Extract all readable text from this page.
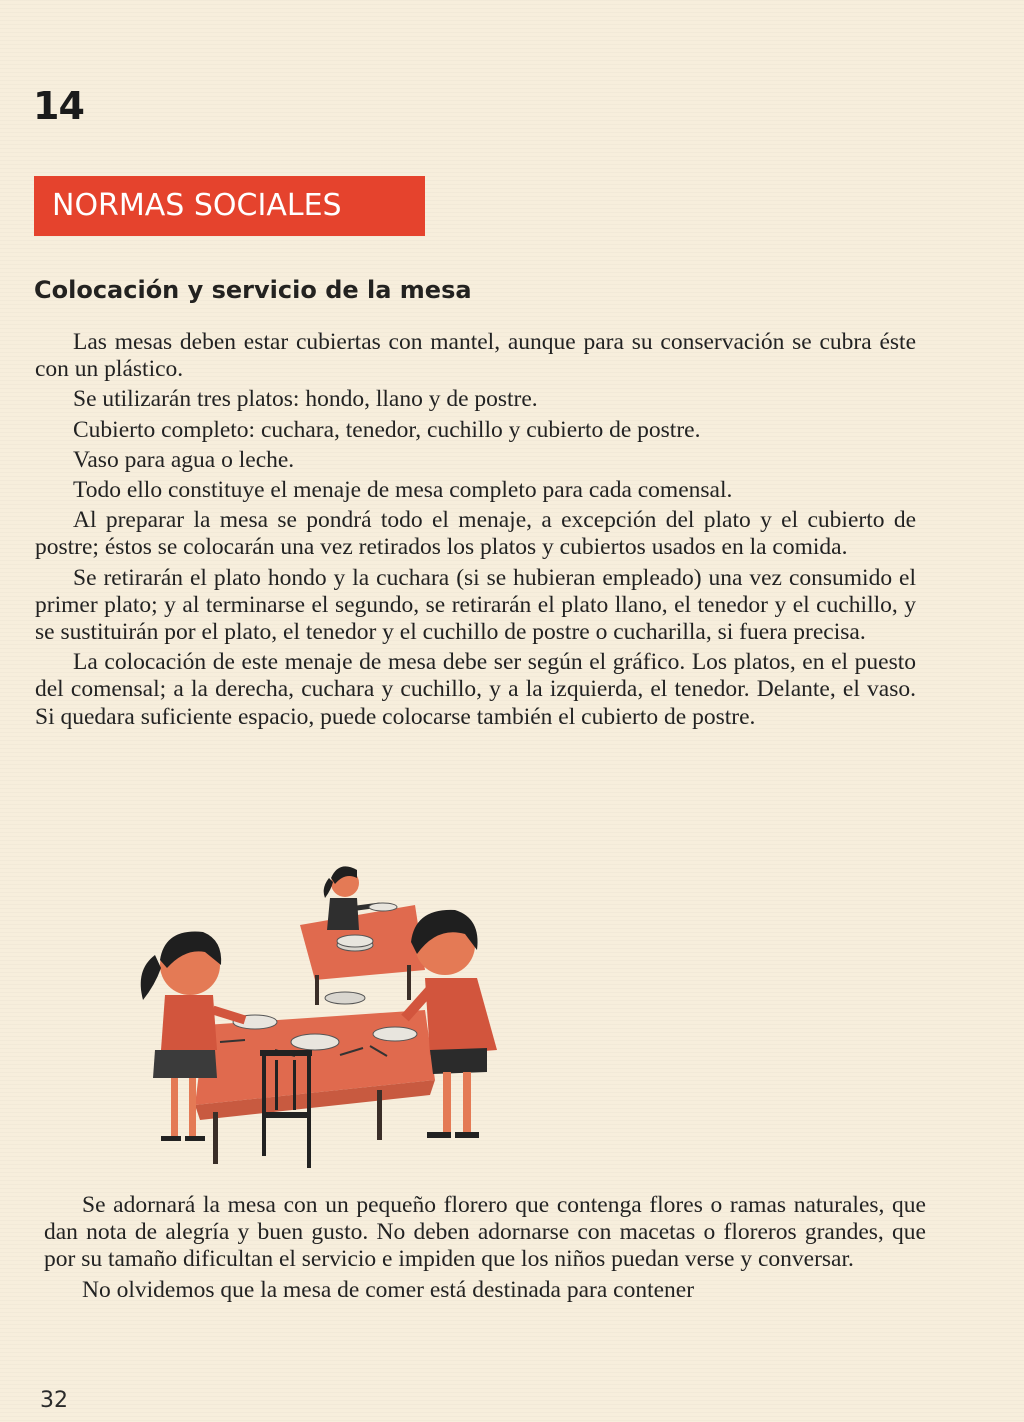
14
NORMAS SOCIALES
Colocación y servicio de la mesa

Las mesas deben estar cubiertas con mantel, aunque para su conservación se cubra éste con un plástico.

Se utilizarán tres platos: hondo, llano y de postre.

Cubierto completo: cuchara, tenedor, cuchillo y cubierto de postre.

Vaso para agua o leche.

Todo ello constituye el menaje de mesa completo para cada comensal.

Al preparar la mesa se pondrá todo el menaje, a excepción del plato y el cubierto de postre; éstos se colocarán una vez retirados los platos y cubiertos usados en la comida.

Se retirarán el plato hondo y la cuchara (si se hubieran empleado) una vez consumido el primer plato; y al terminarse el segundo, se retirarán el plato llano, el tenedor y el cuchillo, y se sustituirán por el plato, el tenedor y el cuchillo de postre o cucharilla, si fuera precisa.

La colocación de este menaje de mesa debe ser según el gráfico. Los platos, en el puesto del comensal; a la derecha, cuchara y cuchillo, y a la izquierda, el tenedor. Delante, el vaso. Si quedara suficiente espacio, puede colocarse también el cubierto de postre.

Se adornará la mesa con un pequeño florero que contenga flores o ramas naturales, que dan nota de alegría y buen gusto. No deben adornarse con macetas o floreros grandes, que por su tamaño dificultan el servicio e impiden que los niños puedan verse y conversar.

No olvidemos que la mesa de comer está destinada para contener

32
